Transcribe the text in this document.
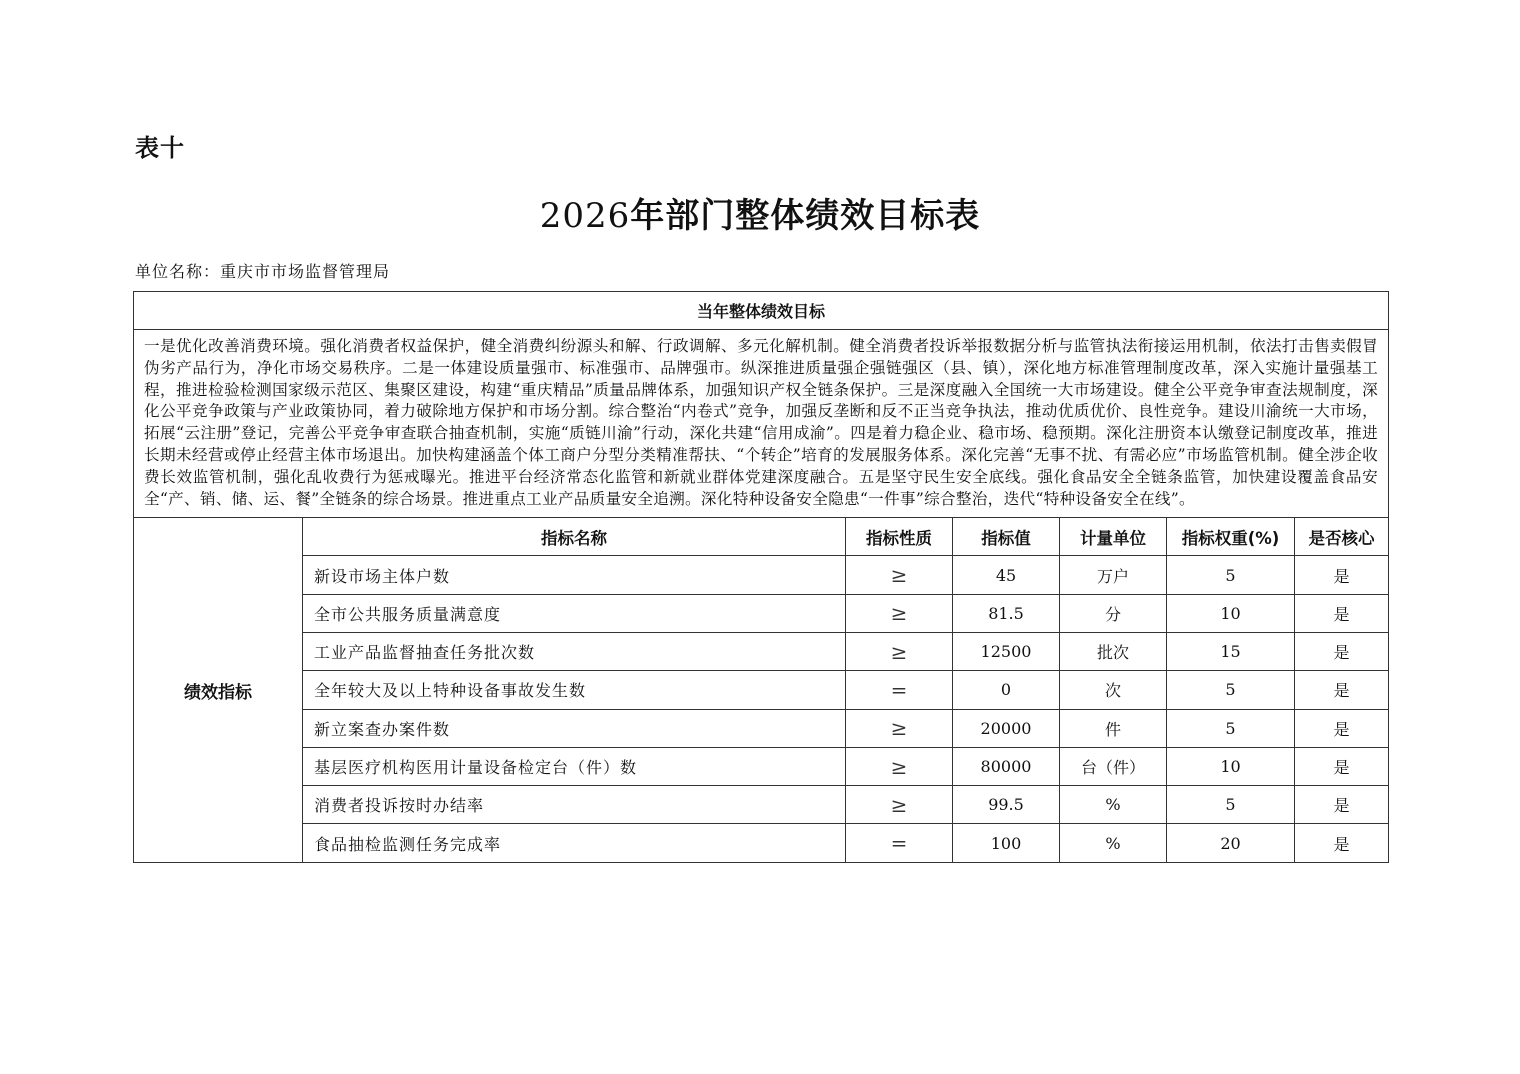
表十
2026年部门整体绩效目标表
单位名称：重庆市市场监督管理局
当年整体绩效目标						
一是优化改善消费环境。强化消费者权益保护，健全消费纠纷源头和解、行政调解、多元化解机制。健全消费者投诉举报数据分析与监管执法衔接运用机制，依法打击售卖假冒伪劣产品行为，净化市场交易秩序。二是一体建设质量强市、标准强市、品牌强市。纵深推进质量强企强链强区（县、镇），深化地方标准管理制度改革，深入实施计量强基工程，推进检验检测国家级示范区、集聚区建设，构建“重庆精品”质量品牌体系，加强知识产权全链条保护。三是深度融入全国统一大市场建设。健全公平竞争审查法规制度，深化公平竞争政策与产业政策协同，着力破除地方保护和市场分割。综合整治“内卷式”竞争，加强反垄断和反不正当竞争执法，推动优质优价、良性竞争。建设川渝统一大市场，拓展“云注册”登记，完善公平竞争审查联合抽查机制，实施“质链川渝”行动，深化共建“信用成渝”。四是着力稳企业、稳市场、稳预期。深化注册资本认缴登记制度改革，推进长期未经营或停止经营主体市场退出。加快构建涵盖个体工商户分型分类精准帮扶、“个转企”培育的发展服务体系。深化完善“无事不扰、有需必应”市场监管机制。健全涉企收费长效监管机制，强化乱收费行为惩戒曝光。推进平台经济常态化监管和新就业群体党建深度融合。五是坚守民生安全底线。强化食品安全全链条监管，加快建设覆盖食品安全“产、销、储、运、餐”全链条的综合场景。推进重点工业产品质量安全追溯。深化特种设备安全隐患“一件事”综合整治，迭代“特种设备安全在线”。						
绩效指标	指标名称	指标性质	指标值	计量单位	指标权重(%)	是否核心
	新设市场主体户数	≥	45	万户	5	是
	全市公共服务质量满意度	≥	81.5	分	10	是
	工业产品监督抽查任务批次数	≥	12500	批次	15	是
	全年较大及以上特种设备事故发生数	=	0	次	5	是
	新立案查办案件数	≥	20000	件	5	是
	基层医疗机构医用计量设备检定台（件）数	≥	80000	台（件）	10	是
	消费者投诉按时办结率	≥	99.5	%	5	是
	食品抽检监测任务完成率	=	100	%	20	是
